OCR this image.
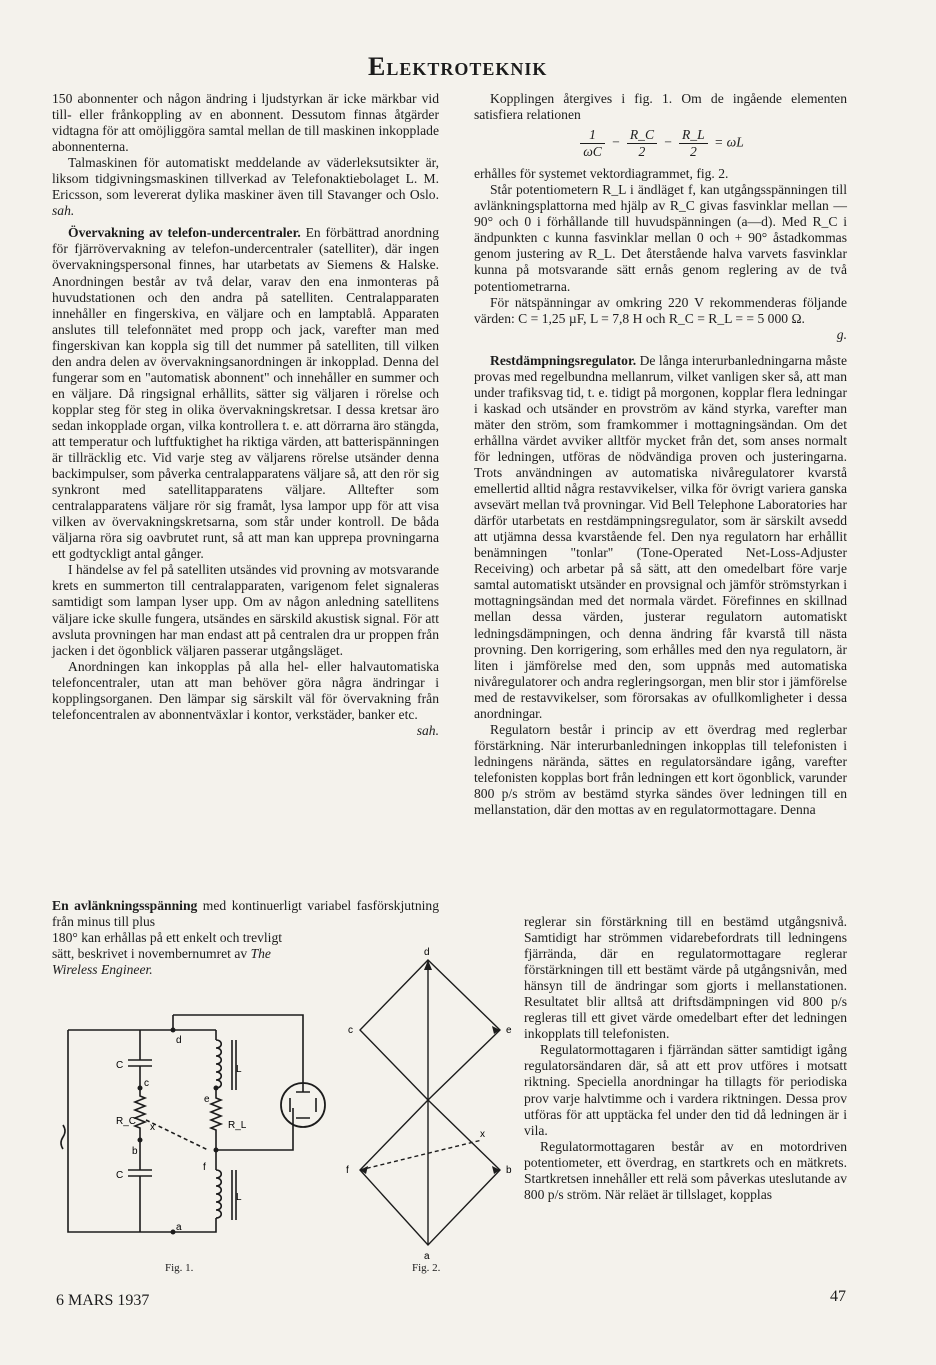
Elektroteknik

150 abonnenter och någon ändring i ljudstyrkan är icke märkbar vid till- eller frånkoppling av en abonnent. Dessutom finnas åtgärder vidtagna för att omöjliggöra samtal mellan de till maskinen inkopplade abonnenterna.

Talmaskinen för automatiskt meddelande av väderleksutsikter är, liksom tidgivningsmaskinen tillverkad av Telefonaktiebolaget L. M. Ericsson, som levererat dylika maskiner även till Stavanger och Oslo. sah.

Övervakning av telefon-undercentraler. En förbättrad anordning för fjärrövervakning av telefon-undercentraler (satelliter), där ingen övervakningspersonal finnes, har utarbetats av Siemens & Halske. Anordningen består av två delar, varav den ena inmonteras på huvudstationen och den andra på satelliten. Centralapparaten innehåller en fingerskiva, en väljare och en lamptablå. Apparaten anslutes till telefonnätet med propp och jack, varefter man med fingerskivan kan koppla sig till det nummer på satelliten, till vilken den andra delen av övervakningsanordningen är inkopplad. Denna del fungerar som en "automatisk abonnent" och innehåller en summer och en väljare. Då ringsignal erhållits, sätter sig väljaren i rörelse och kopplar steg för steg in olika övervakningskretsar. I dessa kretsar äro sedan inkopplade organ, vilka kontrollera t. e. att dörrarna äro stängda, att temperatur och luftfuktighet ha riktiga värden, att batterispänningen är tillräcklig etc. Vid varje steg av väljarens rörelse utsänder denna backimpulser, som påverka centralapparatens väljare så, att den rör sig synkront med satellitapparatens väljare. Alltefter som centralapparatens väljare rör sig framåt, lysa lampor upp för att visa vilken av övervakningskretsarna, som står under kontroll. De båda väljarna röra sig oavbrutet runt, så att man kan upprepa provningarna ett godtyckligt antal gånger.

I händelse av fel på satelliten utsändes vid provning av motsvarande krets en summerton till centralapparaten, varigenom felet signaleras samtidigt som lampan lyser upp. Om av någon anledning satellitens väljare icke skulle fungera, utsändes en särskild akustisk signal. För att avsluta provningen har man endast att på centralen dra ur proppen från jacken i det ögonblick väljaren passerar utgångsläget.

Anordningen kan inkopplas på alla hel- eller halvautomatiska telefoncentraler, utan att man behöver göra några ändringar i kopplingsorganen. Den lämpar sig särskilt väl för övervakning från telefoncentralen av abonnentväxlar i kontor, verkstäder, banker etc.

sah.

En avlänkningsspänning med kontinuerligt variabel fasförskjutning från minus till plus

180° kan erhållas på ett enkelt och trevligt sätt, beskrivet i novembernumret av The Wireless Engineer.

C
c
d
L
e
R_C
x	R_L
b
f
C
L
a
Fig. 1.
d
c	e
x
f	b
a
Fig. 2.

Kopplingen återgives i fig. 1. Om de ingående elementen satisfiera relationen

$\frac{1}{\omega C} - \frac{R\_C}{2} - \frac{R\_L}{2} = \omega L$

erhålles för systemet vektordiagrammet, fig. 2.

Står potentiometern R_L i ändläget f, kan utgångsspänningen till avlänkningsplattorna med hjälp av R_C givas fasvinklar mellan —90° och 0 i förhållande till huvudspänningen (a—d). Med R_C i ändpunkten c kunna fasvinklar mellan 0 och + 90° åstadkommas genom justering av R_L. Det återstående halva varvets fasvinklar kunna på motsvarande sätt ernås genom reglering av de två potentiometrarna.

För nätspänningar av omkring 220 V rekommenderas följande värden: C = 1,25 µF, L = 7,8 H och R_C = R_L = = 5 000 Ω.

g.

Restdämpningsregulator. De långa interurbanledningarna måste provas med regelbundna mellanrum, vilket vanligen sker så, att man under trafiksvag tid, t. e. tidigt på morgonen, kopplar flera ledningar i kaskad och utsänder en provström av känd styrka, varefter man mäter den ström, som framkommer i mottagningsändan. Om det erhållna värdet avviker alltför mycket från det, som anses normalt för ledningen, utföras de nödvändiga proven och justeringarna. Trots användningen av automatiska nivåregulatorer kvarstå emellertid alltid några restavvikelser, vilka för övrigt variera ganska avsevärt mellan två provningar. Vid Bell Telephone Laboratories har därför utarbetats en restdämpningsregulator, som är särskilt avsedd att utjämna dessa kvarstående fel. Den nya regulatorn har erhållit benämningen "tonlar" (Tone-Operated Net-Loss-Adjuster Receiving) och arbetar på så sätt, att den omedelbart före varje samtal automatiskt utsänder en provsignal och jämför strömstyrkan i mottagningsändan med det normala värdet. Förefinnes en skillnad mellan dessa värden, justerar regulatorn automatiskt ledningsdämpningen, och denna ändring får kvarstå till nästa provning. Den korrigering, som erhålles med den nya regulatorn, är liten i jämförelse med den, som uppnås med automatiska nivåregulatorer och andra regleringsorgan, men blir stor i jämförelse med de restavvikelser, som förorsakas av ofullkomligheter i dessa anordningar.

Regulatorn består i princip av ett överdrag med reglerbar förstärkning. När interurbanledningen inkopplas till telefonisten i ledningens närända, sättes en regulatorsändare igång, varefter telefonisten kopplas bort från ledningen ett kort ögonblick, varunder 800 p/s ström av bestämd styrka sändes över ledningen till en mellanstation, där den mottas av en regulatormottagare. Denna

reglerar sin förstärkning till en bestämd utgångsnivå. Samtidigt har strömmen vidarebefordrats till ledningens fjärrända, där en regulatormottagare reglerar förstärkningen till ett bestämt värde på utgångsnivån, med hänsyn till de ändringar som gjorts i mellanstationen. Resultatet blir alltså att driftsdämpningen vid 800 p/s regleras till ett givet värde omedelbart efter det ledningen inkopplats till telefonisten.

Regulatormottagaren i fjärrändan sätter samtidigt igång regulatorsändaren där, så att ett prov utföres i motsatt riktning. Speciella anordningar ha tillagts för periodiska prov varje halvtimme och i vardera riktningen. Dessa prov utföras för att upptäcka fel under den tid då ledningen är i vila.

Regulatormottagaren består av en motordriven potentiometer, ett överdrag, en startkrets och en mätkrets. Startkretsen innehåller ett relä som påverkas uteslutande av 800 p/s ström. När reläet är tillslaget, kopplas

6 MARS 1937	47
